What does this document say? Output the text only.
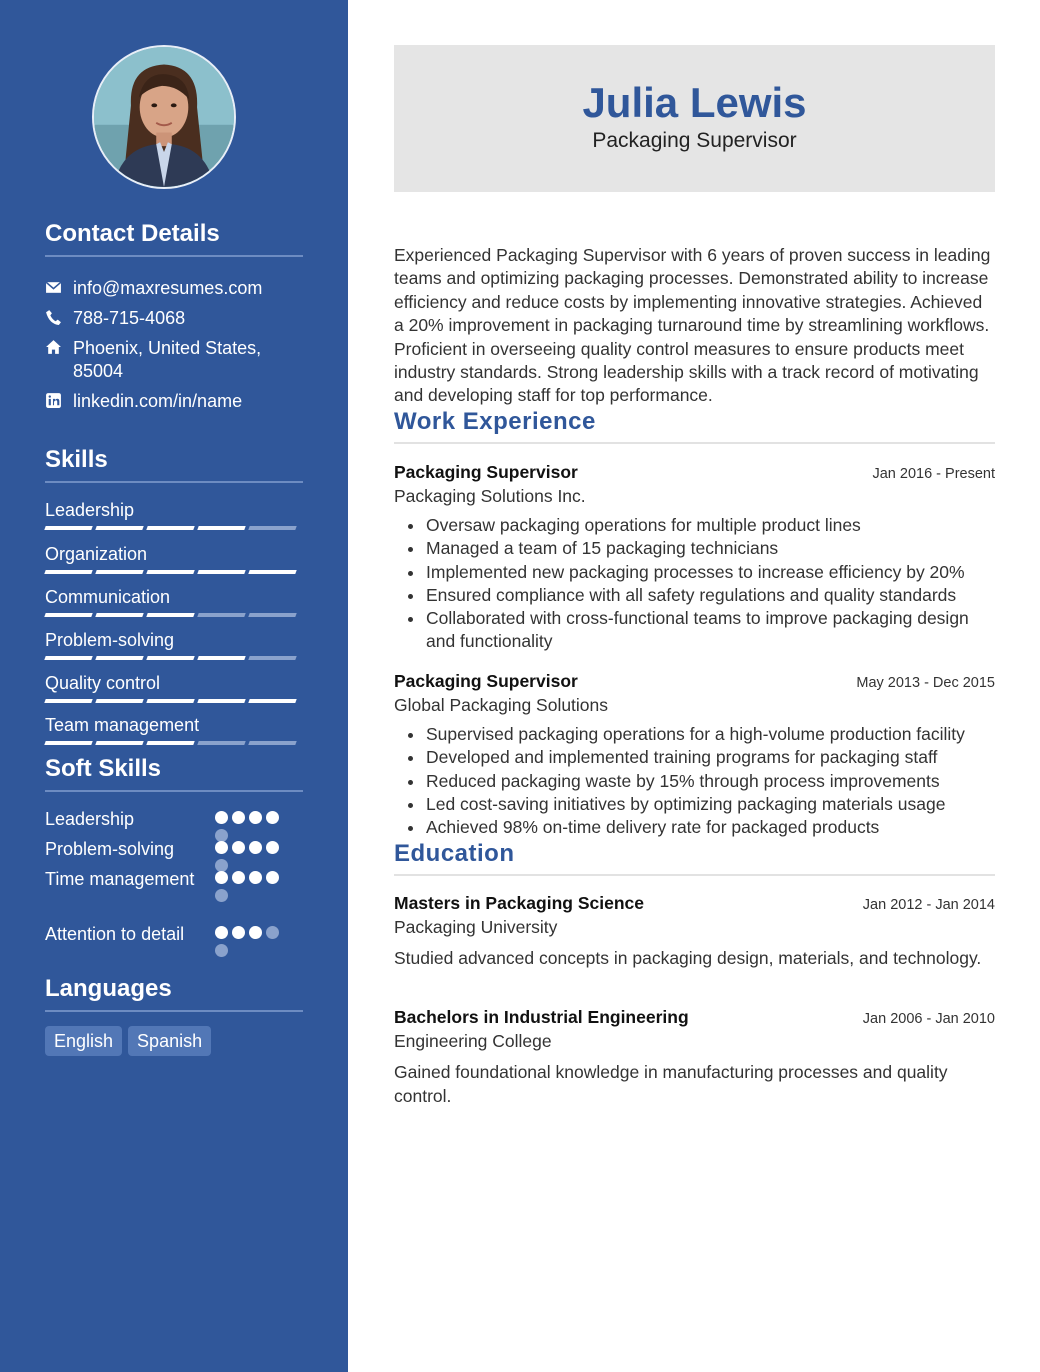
Contact Details
info@maxresumes.com
788-715-4068
Phoenix, United States, 85004
linkedin.com/in/name
Skills
Leadership
Organization
Communication
Problem-solving
Quality control
Team management
Soft Skills
Leadership
Problem-solving
Time management
Attention to detail
Languages
English	Spanish
Julia Lewis
Packaging Supervisor
Experienced Packaging Supervisor with 6 years of proven success in leading teams and optimizing packaging processes. Demonstrated ability to increase efficiency and reduce costs by implementing innovative strategies. Achieved a 20% improvement in packaging turnaround time by streamlining workflows. Proficient in overseeing quality control measures to ensure products meet industry standards. Strong leadership skills with a track record of motivating and developing staff for top performance.
Work Experience
Packaging Supervisor	Jan 2016 - Present
Packaging Solutions Inc.
Oversaw packaging operations for multiple product lines
Managed a team of 15 packaging technicians
Implemented new packaging processes to increase efficiency by 20%
Ensured compliance with all safety regulations and quality standards
Collaborated with cross-functional teams to improve packaging design and functionality
Packaging Supervisor	May 2013 - Dec 2015
Global Packaging Solutions
Supervised packaging operations for a high-volume production facility
Developed and implemented training programs for packaging staff
Reduced packaging waste by 15% through process improvements
Led cost-saving initiatives by optimizing packaging materials usage
Achieved 98% on-time delivery rate for packaged products
Education
Masters in Packaging Science	Jan 2012 - Jan 2014
Packaging University
Studied advanced concepts in packaging design, materials, and technology.
Bachelors in Industrial Engineering	Jan 2006 - Jan 2010
Engineering College
Gained foundational knowledge in manufacturing processes and quality control.
